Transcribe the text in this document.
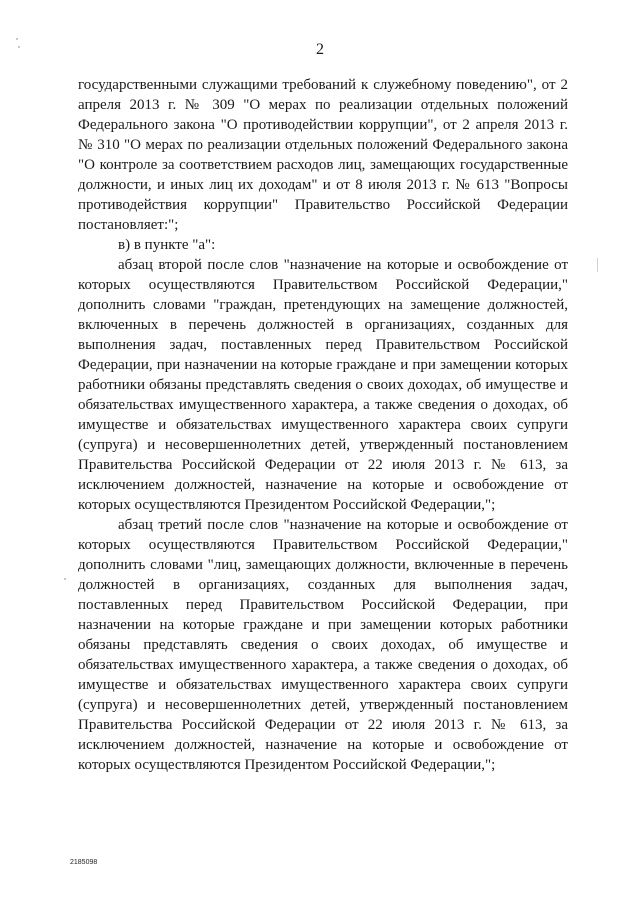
2

государственными служащими требований к служебному поведению", от 2 апреля 2013 г. № 309 "О мерах по реализации отдельных положений Федерального закона "О противодействии коррупции", от 2 апреля 2013 г. № 310 "О мерах по реализации отдельных положений Федерального закона "О контроле за соответствием расходов лиц, замещающих государственные должности, и иных лиц их доходам" и от 8 июля 2013 г. № 613 "Вопросы противодействия коррупции" Правительство Российской Федерации постановляет:";

в) в пункте "а":

абзац второй после слов "назначение на которые и освобождение от которых осуществляются Правительством Российской Федерации," дополнить словами "граждан, претендующих на замещение должностей, включенных в перечень должностей в организациях, созданных для выполнения задач, поставленных перед Правительством Российской Федерации, при назначении на которые граждане и при замещении которых работники обязаны представлять сведения о своих доходах, об имуществе и обязательствах имущественного характера, а также сведения о доходах, об имуществе и обязательствах имущественного характера своих супруги (супруга) и несовершеннолетних детей, утвержденный постановлением Правительства Российской Федерации от 22 июля 2013 г. № 613, за исключением должностей, назначение на которые и освобождение от которых осуществляются Президентом Российской Федерации,";

абзац третий после слов "назначение на которые и освобождение от которых осуществляются Правительством Российской Федерации," дополнить словами "лиц, замещающих должности, включенные в перечень должностей в организациях, созданных для выполнения задач, поставленных перед Правительством Российской Федерации, при назначении на которые граждане и при замещении которых работники обязаны представлять сведения о своих доходах, об имуществе и обязательствах имущественного характера, а также сведения о доходах, об имуществе и обязательствах имущественного характера своих супруги (супруга) и несовершеннолетних детей, утвержденный постановлением Правительства Российской Федерации от 22 июля 2013 г. № 613, за исключением должностей, назначение на которые и освобождение от которых осуществляются Президентом Российской Федерации,";

2185098
